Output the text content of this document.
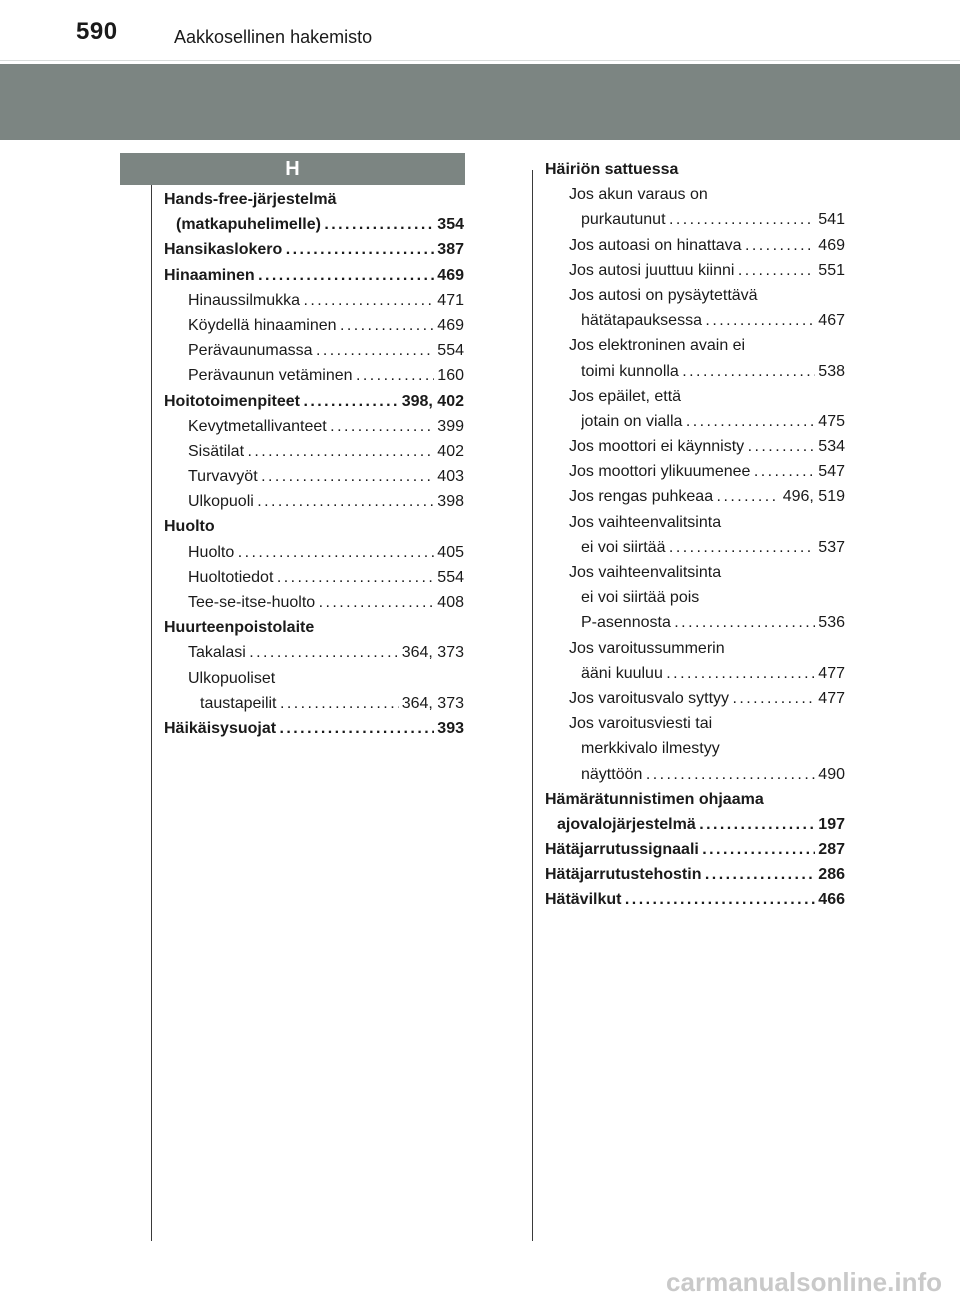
590	Aakkosellinen hakemisto
H
Hands-free-järjestelmä
(matkapuhelimelle) . . .	354
Hansikaslokero . . .	387
Hinaaminen . . .	469
Hinaussilmukka . . .	471
Köydellä hinaaminen . . .	469
Perävaunumassa . . .	554
Perävaunun vetäminen . . .	160
Hoitotoimenpiteet . . .	398, 402
Kevytmetallivanteet . . .	399
Sisätilat . . .	402
Turvavyöt . . .	403
Ulkopuoli . . .	398
Huolto
Huolto . . .	405
Huoltotiedot . . .	554
Tee-se-itse-huolto . . .	408
Huurteenpoistolaite
Takalasi . . .	364, 373
Ulkopuoliset
taustapeilit . . .	364, 373
Häikäisysuojat . . .	393
Häiriön sattuessa
Jos akun varaus on
purkautunut . . .	541
Jos autoasi on hinattava . . .	469
Jos autosi juuttuu kiinni . . .	551
Jos autosi on pysäytettävä
hätätapauksessa . . .	467
Jos elektroninen avain ei
toimi kunnolla . . .	538
Jos epäilet, että
jotain on vialla . . .	475
Jos moottori ei käynnisty . . .	534
Jos moottori ylikuumenee . . .	547
Jos rengas puhkeaa . . .	496, 519
Jos vaihteenvalitsinta
ei voi siirtää . . .	537
Jos vaihteenvalitsinta
ei voi siirtää pois
P-asennosta . . .	536
Jos varoitussummerin
ääni kuuluu . . .	477
Jos varoitusvalo syttyy . . .	477
Jos varoitusviesti tai
merkkivalo ilmestyy
näyttöön . . .	490
Hämärätunnistimen ohjaama
ajovalojärjestelmä . . .	197
Hätäjarrutussignaali . . .	287
Hätäjarrutustehostin . . .	286
Hätävilkut . . .	466
carmanualsonline.info
